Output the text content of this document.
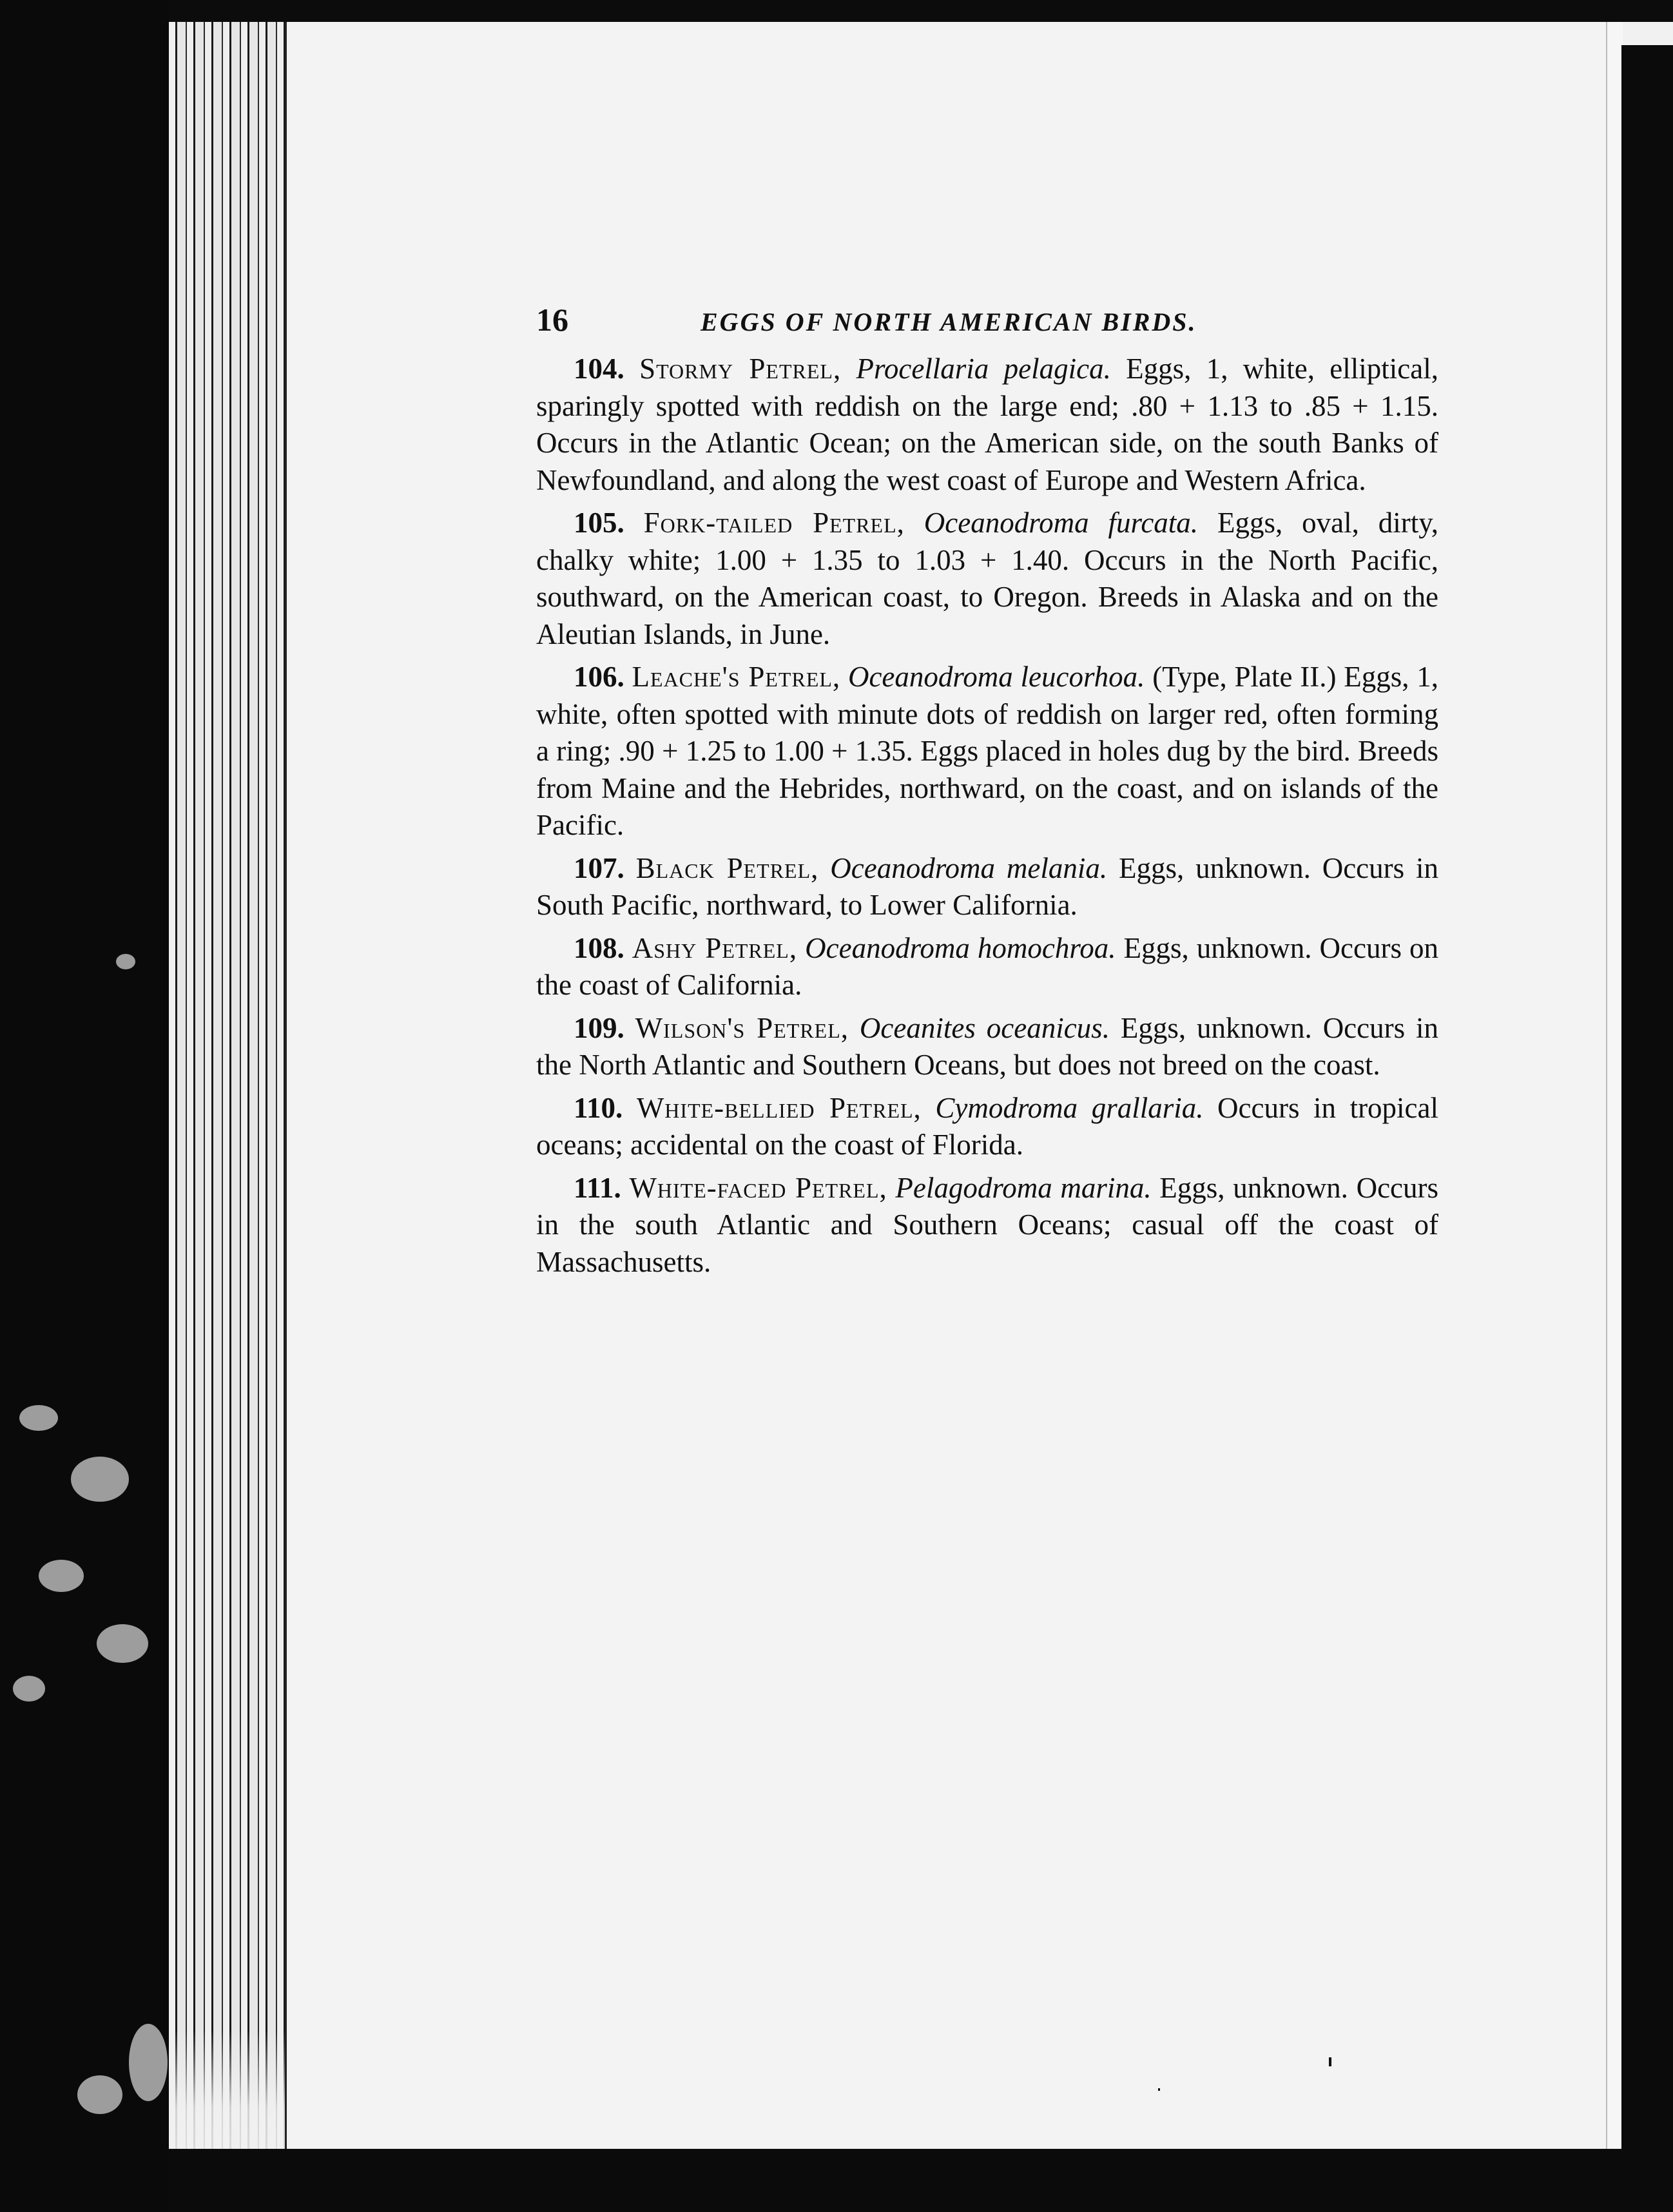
16	EGGS OF NORTH AMERICAN BIRDS.

104. Stormy Petrel, Procellaria pelagica. Eggs, 1, white, elliptical, sparingly spotted with reddish on the large end; .80 + 1.13 to .85 + 1.15. Occurs in the Atlantic Ocean; on the American side, on the south Banks of Newfoundland, and along the west coast of Europe and Western Africa.

105. Fork-tailed Petrel, Oceanodroma furcata. Eggs, oval, dirty, chalky white; 1.00 + 1.35 to 1.03 + 1.40. Occurs in the North Pacific, southward, on the American coast, to Oregon. Breeds in Alaska and on the Aleutian Islands, in June.

106. Leache's Petrel, Oceanodroma leucorhoa. (Type, Plate II.) Eggs, 1, white, often spotted with minute dots of reddish on larger red, often forming a ring; .90 + 1.25 to 1.00 + 1.35. Eggs placed in holes dug by the bird. Breeds from Maine and the Hebrides, northward, on the coast, and on islands of the Pacific.

107. Black Petrel, Oceanodroma melania. Eggs, unknown. Occurs in South Pacific, northward, to Lower California.

108. Ashy Petrel, Oceanodroma homochroa. Eggs, unknown. Occurs on the coast of California.

109. Wilson's Petrel, Oceanites oceanicus. Eggs, unknown. Occurs in the North Atlantic and Southern Oceans, but does not breed on the coast.

110. White-bellied Petrel, Cymodroma grallaria. Occurs in tropical oceans; accidental on the coast of Florida.

111. White-faced Petrel, Pelagodroma marina. Eggs, unknown. Occurs in the south Atlantic and Southern Oceans; casual off the coast of Massachusetts.
